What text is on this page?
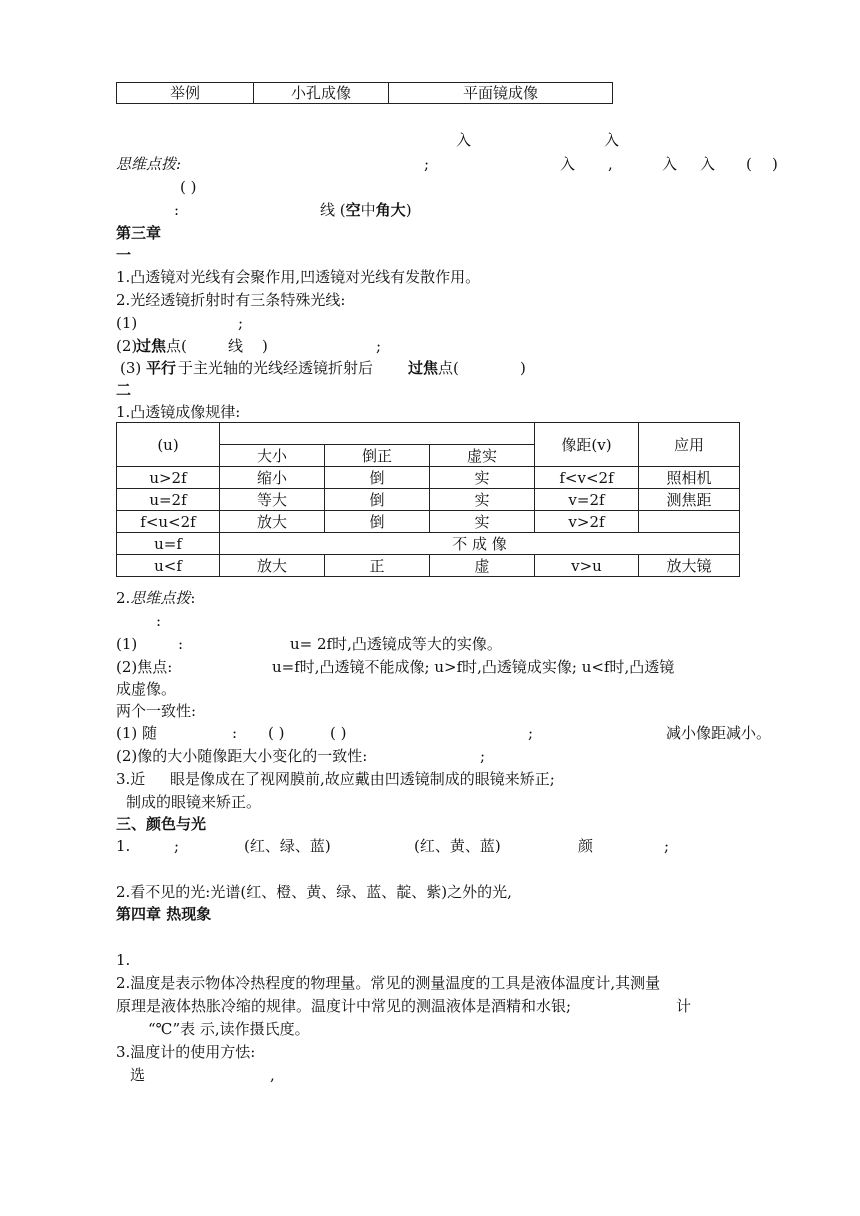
举例	小孔成像	平面镜成像
入	入
思维点拨:	;	入 ,	入 入 ( )
( )
:	线 (空中角大)
第三章
一
1.凸透镜对光线有会聚作用,凹透镜对光线有发散作用。
2.光经透镜折射时有三条特殊光线:
(1)	;
(2)
过焦 点(	线 )	;
(3) 平行 于主光轴的光线经透镜折射后 过焦 点(	)
二
1.凸透镜成像规律:
(u)				像距(v)	应用
	大小	倒正	虚实		
u>2f	缩小	倒	实	f<v<2f	照相机
u=2f	等大	倒	实	v=2f	测焦距
f<u<2f	放大	倒	实	v>2f	
u=f	不 成 像				
u<f	放大	正	虚	v>u	放大镜
2.思维点拨:
:
(1)	:	u= 2f时,凸透镜成等大的实像。
(2)焦点:	u=f时,凸透镜不能成像; u>f时,凸透镜成实像; u<f时,凸透镜
成虚像。
两个一致性:
(1) 随	: ( )	( )	;	减小像距减小。
(2)像的大小随像距大小变化的一致性:	;
3.近 眼是像成在了视网膜前,故应戴由凹透镜制成的眼镜来矫正;
制成的眼镜来矫正。
三、颜色与光
1.	;	(红、绿、蓝)	(红、黄、蓝)	颜	;
2.看不见的光:光谱(红、橙、黄、绿、蓝、靛、紫)之外的光,
第四章 热现象
1.
2.温度是表示物体冷热程度的物理量。常见的测量温度的工具是液体温度计,其测量
原理是液体热胀冷缩的规律。温度计中常见的测温液体是酒精和水银;	计
“℃”表 示,读作摄氏度。
3.温度计的使用方怯:
选	,
